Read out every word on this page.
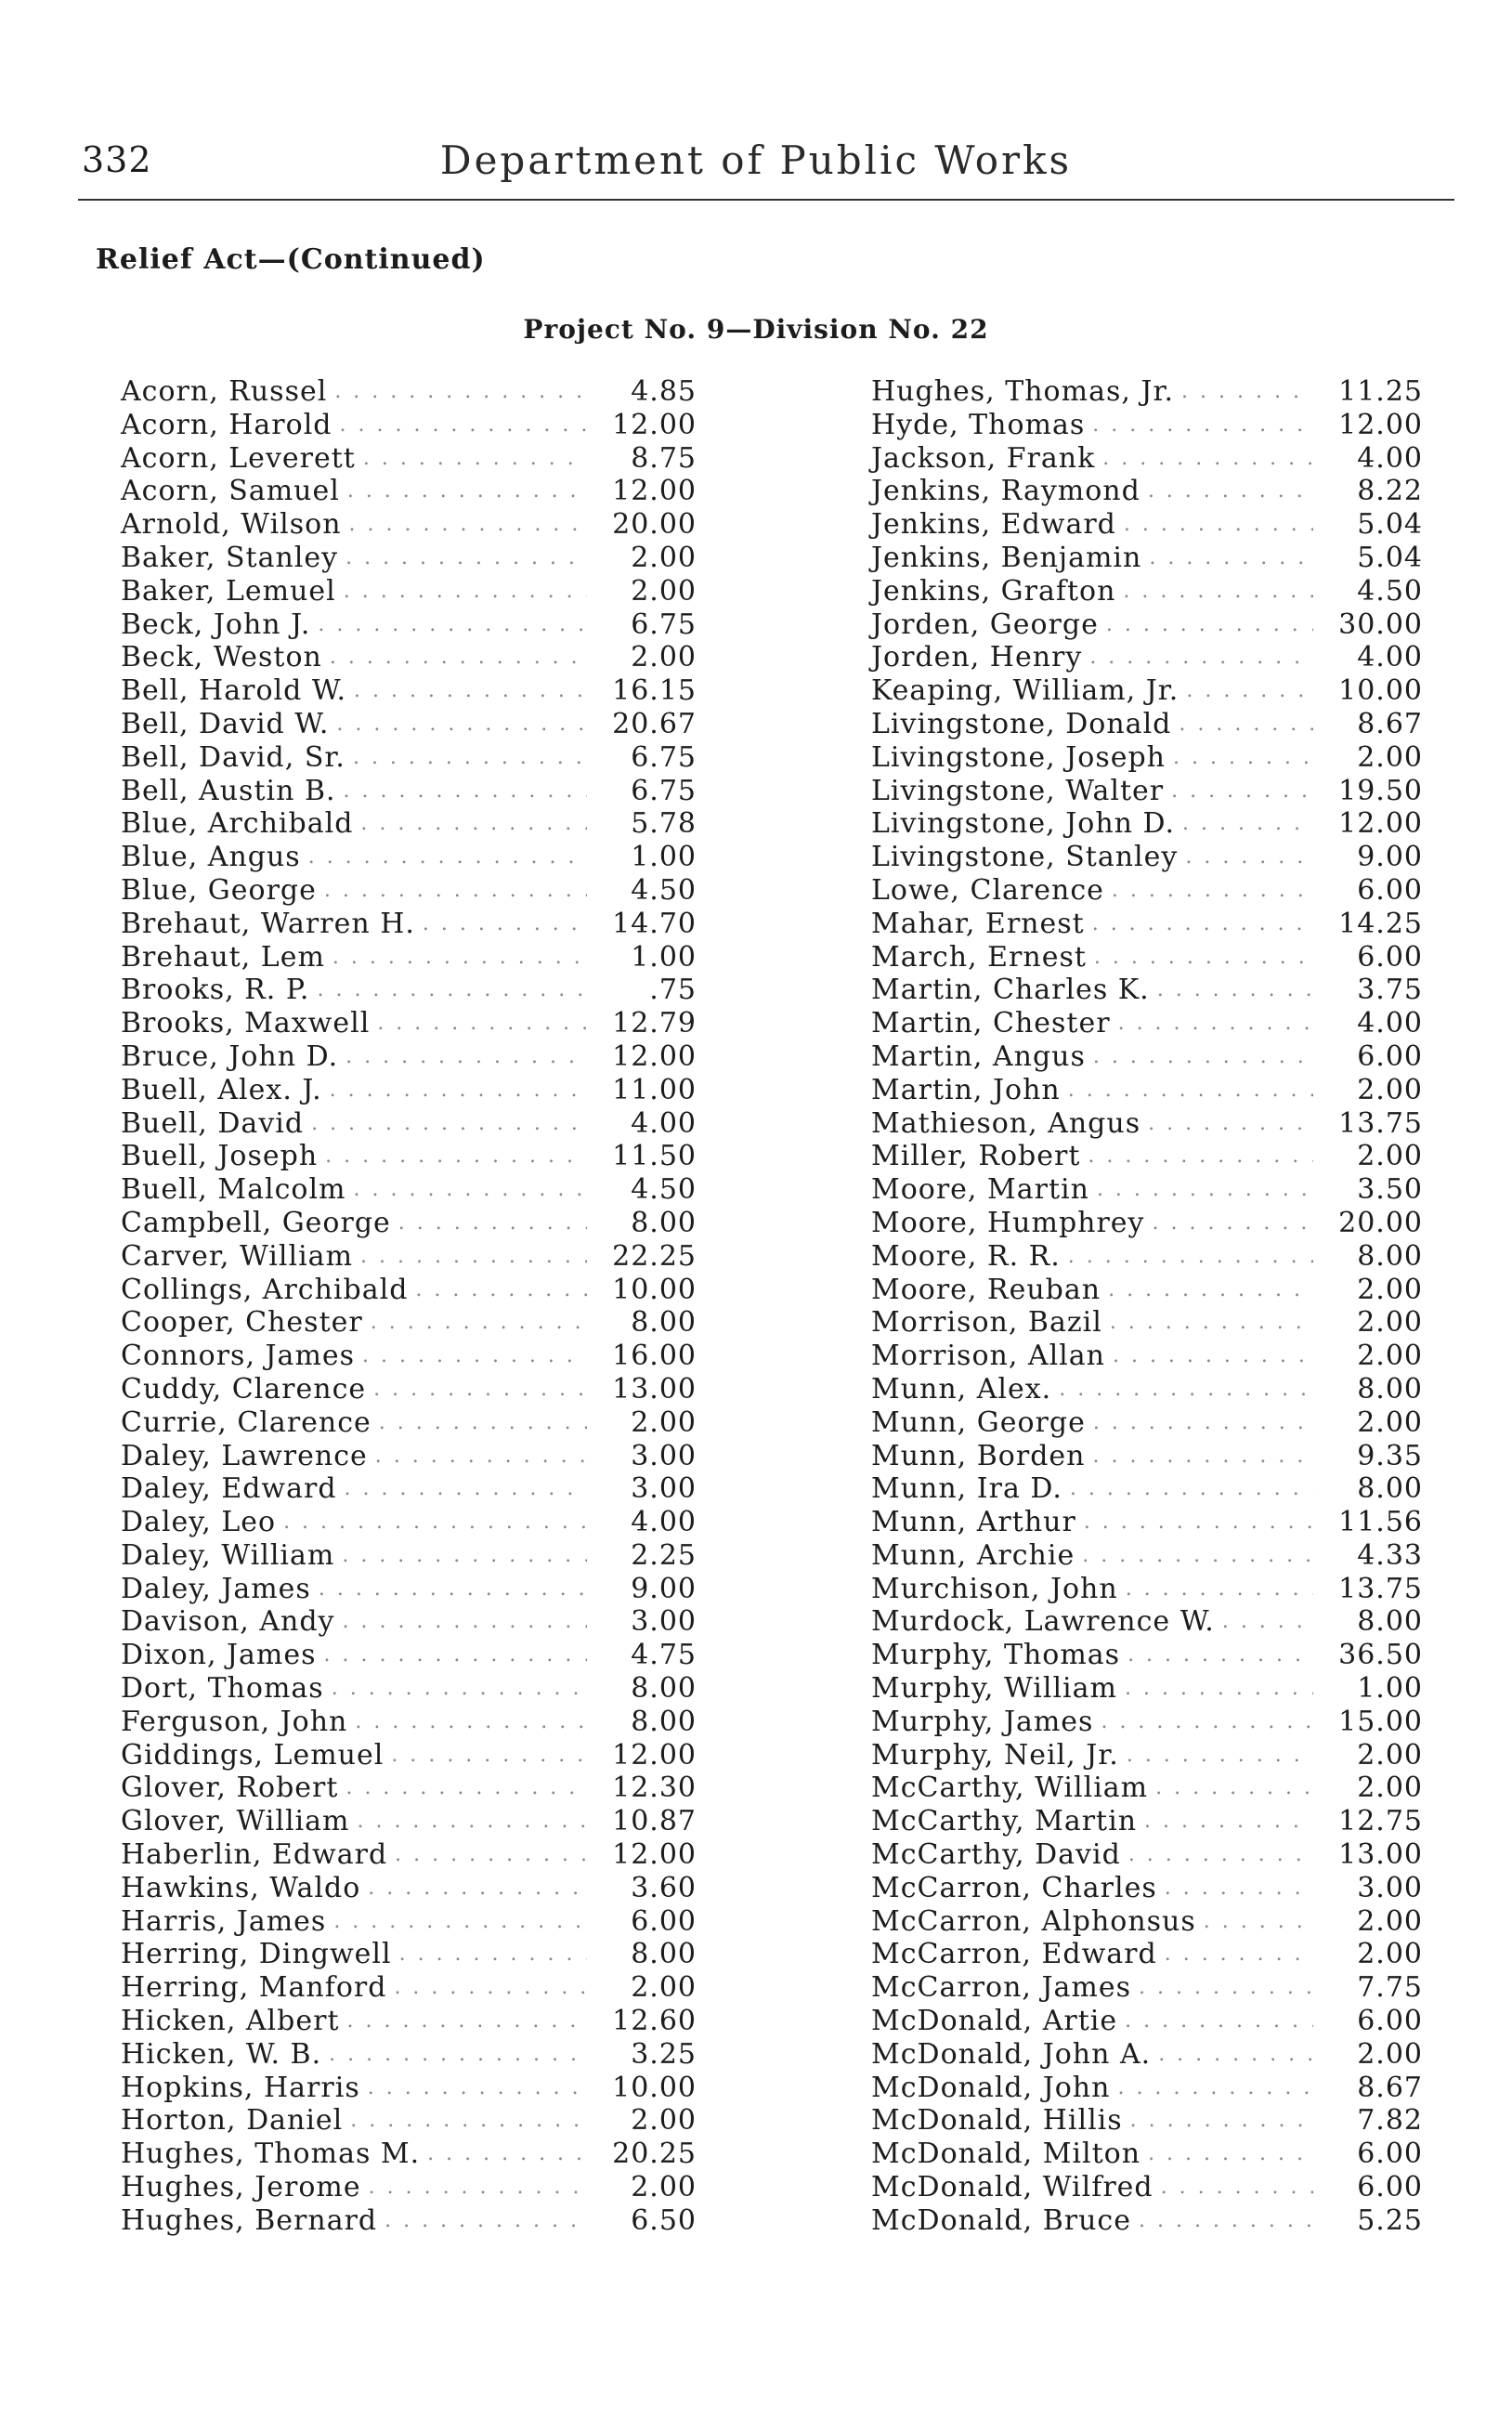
332	Department of Public Works
Relief Act—(Continued)
Project No. 9—Division No. 22
Acorn, Russel . . .	4.85
Acorn, Harold . . .	12.00
Acorn, Leverett . . .	8.75
Acorn, Samuel . . .	12.00
Arnold, Wilson . . .	20.00
Baker, Stanley . . .	2.00
Baker, Lemuel . . .	2.00
Beck, John J. . . .	6.75
Beck, Weston . . .	2.00
Bell, Harold W. . . .	16.15
Bell, David W. . . .	20.67
Bell, David, Sr. . . .	6.75
Bell, Austin B. . . .	6.75
Blue, Archibald . . .	5.78
Blue, Angus . . .	1.00
Blue, George . . .	4.50
Brehaut, Warren H. . . .	14.70
Brehaut, Lem . . .	1.00
Brooks, R. P. . . .	.75
Brooks, Maxwell . . .	12.79
Bruce, John D. . . .	12.00
Buell, Alex. J. . . .	11.00
Buell, David . . .	4.00
Buell, Joseph . . .	11.50
Buell, Malcolm . . .	4.50
Campbell, George . . .	8.00
Carver, William . . .	22.25
Collings, Archibald . . .	10.00
Cooper, Chester . . .	8.00
Connors, James . . .	16.00
Cuddy, Clarence . . .	13.00
Currie, Clarence . . .	2.00
Daley, Lawrence . . .	3.00
Daley, Edward . . .	3.00
Daley, Leo . . .	4.00
Daley, William . . .	2.25
Daley, James . . .	9.00
Davison, Andy . . .	3.00
Dixon, James . . .	4.75
Dort, Thomas . . .	8.00
Ferguson, John . . .	8.00
Giddings, Lemuel . . .	12.00
Glover, Robert . . .	12.30
Glover, William . . .	10.87
Haberlin, Edward . . .	12.00
Hawkins, Waldo . . .	3.60
Harris, James . . .	6.00
Herring, Dingwell . . .	8.00
Herring, Manford . . .	2.00
Hicken, Albert . . .	12.60
Hicken, W. B. . . .	3.25
Hopkins, Harris . . .	10.00
Horton, Daniel . . .	2.00
Hughes, Thomas M. . . .	20.25
Hughes, Jerome . . .	2.00
Hughes, Bernard . . .	6.50
Hughes, Thomas, Jr. . . .	11.25
Hyde, Thomas . . .	12.00
Jackson, Frank . . .	4.00
Jenkins, Raymond . . .	8.22
Jenkins, Edward . . .	5.04
Jenkins, Benjamin . . .	5.04
Jenkins, Grafton . . .	4.50
Jorden, George . . .	30.00
Jorden, Henry . . .	4.00
Keaping, William, Jr. . . .	10.00
Livingstone, Donald . . .	8.67
Livingstone, Joseph . . .	2.00
Livingstone, Walter . . .	19.50
Livingstone, John D. . . .	12.00
Livingstone, Stanley . . .	9.00
Lowe, Clarence . . .	6.00
Mahar, Ernest . . .	14.25
March, Ernest . . .	6.00
Martin, Charles K. . . .	3.75
Martin, Chester . . .	4.00
Martin, Angus . . .	6.00
Martin, John . . .	2.00
Mathieson, Angus . . .	13.75
Miller, Robert . . .	2.00
Moore, Martin . . .	3.50
Moore, Humphrey . . .	20.00
Moore, R. R. . . .	8.00
Moore, Reuban . . .	2.00
Morrison, Bazil . . .	2.00
Morrison, Allan . . .	2.00
Munn, Alex. . . .	8.00
Munn, George . . .	2.00
Munn, Borden . . .	9.35
Munn, Ira D. . . .	8.00
Munn, Arthur . . .	11.56
Munn, Archie . . .	4.33
Murchison, John . . .	13.75
Murdock, Lawrence W. . . .	8.00
Murphy, Thomas . . .	36.50
Murphy, William . . .	1.00
Murphy, James . . .	15.00
Murphy, Neil, Jr. . . .	2.00
McCarthy, William . . .	2.00
McCarthy, Martin . . .	12.75
McCarthy, David . . .	13.00
McCarron, Charles . . .	3.00
McCarron, Alphonsus . . .	2.00
McCarron, Edward . . .	2.00
McCarron, James . . .	7.75
McDonald, Artie . . .	6.00
McDonald, John A. . . .	2.00
McDonald, John . . .	8.67
McDonald, Hillis . . .	7.82
McDonald, Milton . . .	6.00
McDonald, Wilfred . . .	6.00
McDonald, Bruce . . .	5.25
